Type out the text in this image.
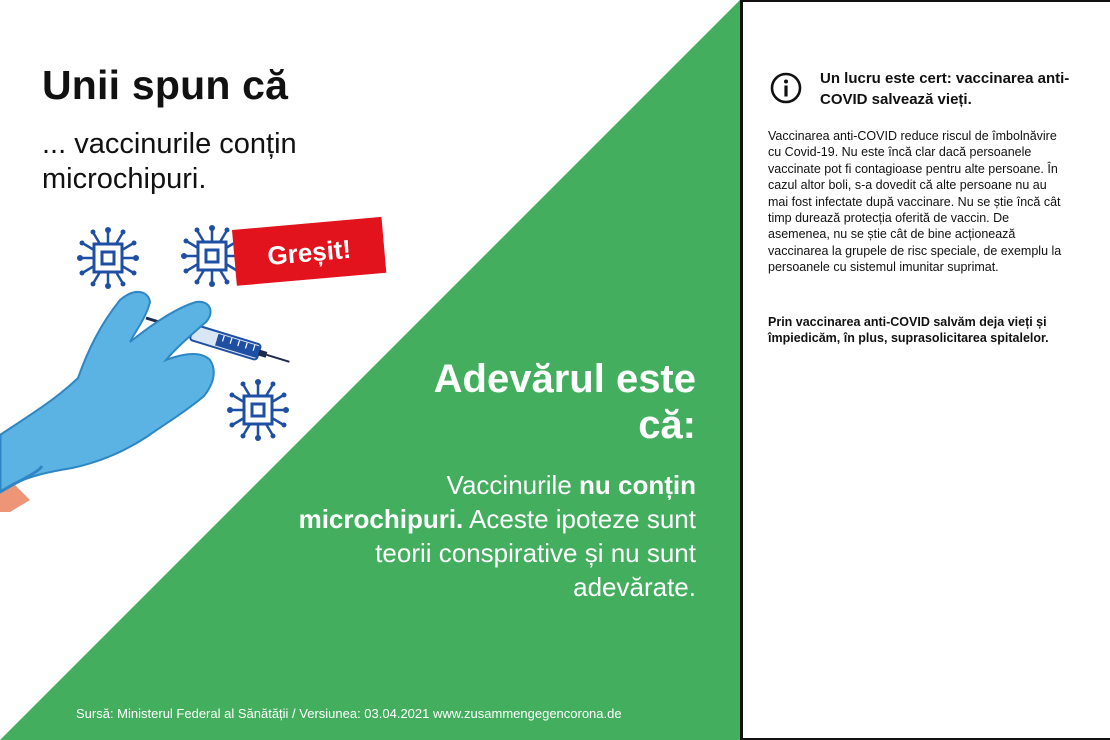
Unii spun că
... vaccinurile conțin microchipuri.
Greșit!
Adevărul este că:
Vaccinurile nu conțin microchipuri. Aceste ipoteze sunt teorii conspirative și nu sunt adevărate.
Sursă: Ministerul Federal al Sănătății / Versiunea: 03.04.2021 www.zusammengegencorona.de
Un lucru este cert: vaccinarea anti-COVID salvează vieți.
Vaccinarea anti-COVID reduce riscul de îmbolnăvire cu Covid-19. Nu este încă clar dacă persoanele vaccinate pot fi contagioase pentru alte persoane. În cazul altor boli, s-a dovedit că alte persoane nu au mai fost infectate după vaccinare. Nu se știe încă cât timp durează protecția oferită de vaccin. De asemenea, nu se știe cât de bine acționează vaccinarea la grupele de risc speciale, de exemplu la persoanele cu sistemul imunitar suprimat.
Prin vaccinarea anti-COVID salvăm deja vieți și împiedicăm, în plus, suprasolicitarea spitalelor.
